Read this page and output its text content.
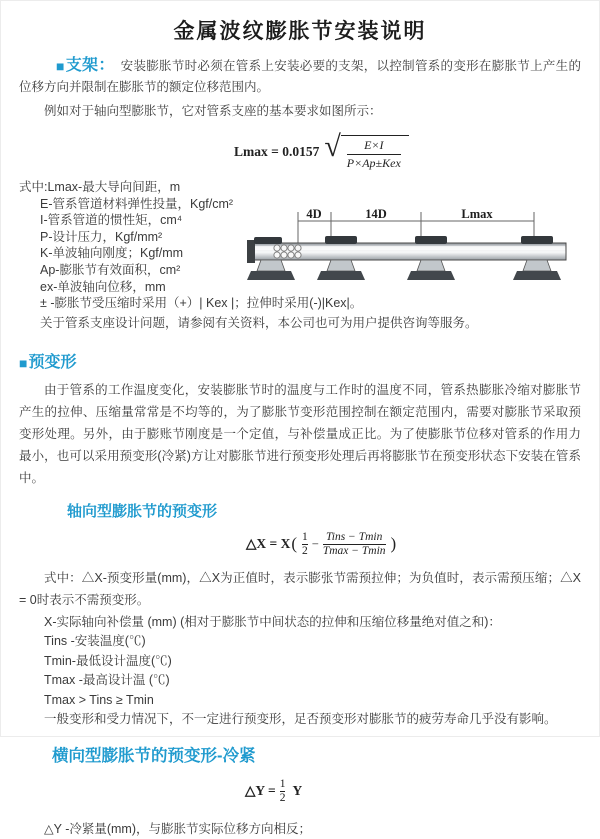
金属波纹膨胀节安装说明

■支架： 安装膨胀节时必须在管系上安装必要的支架，以控制管系的变形在膨胀节上产生的位移方向并限制在膨胀节的额定位移范围内。

例如对于轴向型膨胀节，它对管系支座的基本要求如图所示：

Lmax = 0.0157 √ $\frac{E\times I}{\text{P×Ap±Kex}}$
式中:Lmax-最大导向间距，m
E-管系管道材料弹性投量，Kgf/cm²
I-管系管道的惯性矩，cm⁴
P-设计压力，Kgf/mm²
K-单波轴向刚度；Kgf/mm
Ap-膨胀节有效面积，cm²
ex-单波轴向位移，mm
± -膨胀节受压缩时采用（+）| Kex |；拉伸时采用(-)|Kex|。
4D	14D	Lmax

关于管系支座设计问题，请参阅有关资料，本公司也可为用户提供咨询等服务。

■预变形

由于管系的工作温度变化，安装膨胀节时的温度与工作时的温度不同，管系热膨胀冷缩对膨胀节产生的拉伸、压缩量常常是不均等的，为了膨胀节变形范围控制在额定范围内，需要对膨胀节采取预变形处理。另外，由于膨账节刚度是一个定值，与补偿量成正比。为了使膨胀节位移对管系的作用力最小，也可以采用预变形(冷紧)方让对膨胀节进行预变形处理后再将膨胀节在预变形状态下安装在管系中。

轴向型膨胀节的预变形

△X = X ( $\frac{1}{2} - \frac{\text{Tins − Tmin}}{Tmax - Tmin}$ )

式中：△X-预变形量(mm)，△X为正值时，表示膨张节需预拉伸；为负值时，表示需预压缩；△X = 0时表示不需预变形。

X-实际轴向补偿量 (mm) (相对于膨胀节中间状态的拉伸和压缩位移量绝对值之和)：
Tins -安装温度(℃)
Tmin-最低设计温度(℃)
Tmax -最高设计温 (℃)
Tmax > Tins ≥ Tmin
一般变形和受力情况下，不一定进行预变形，足否预变形对膨胀节的疲劳寿命几乎没有影响。

横向型膨胀节的预变形-冷紧

△Y = $\frac{1}{2}$ Y

△Y -冷紧量(mm)，与膨胀节实际位移方向相反；
